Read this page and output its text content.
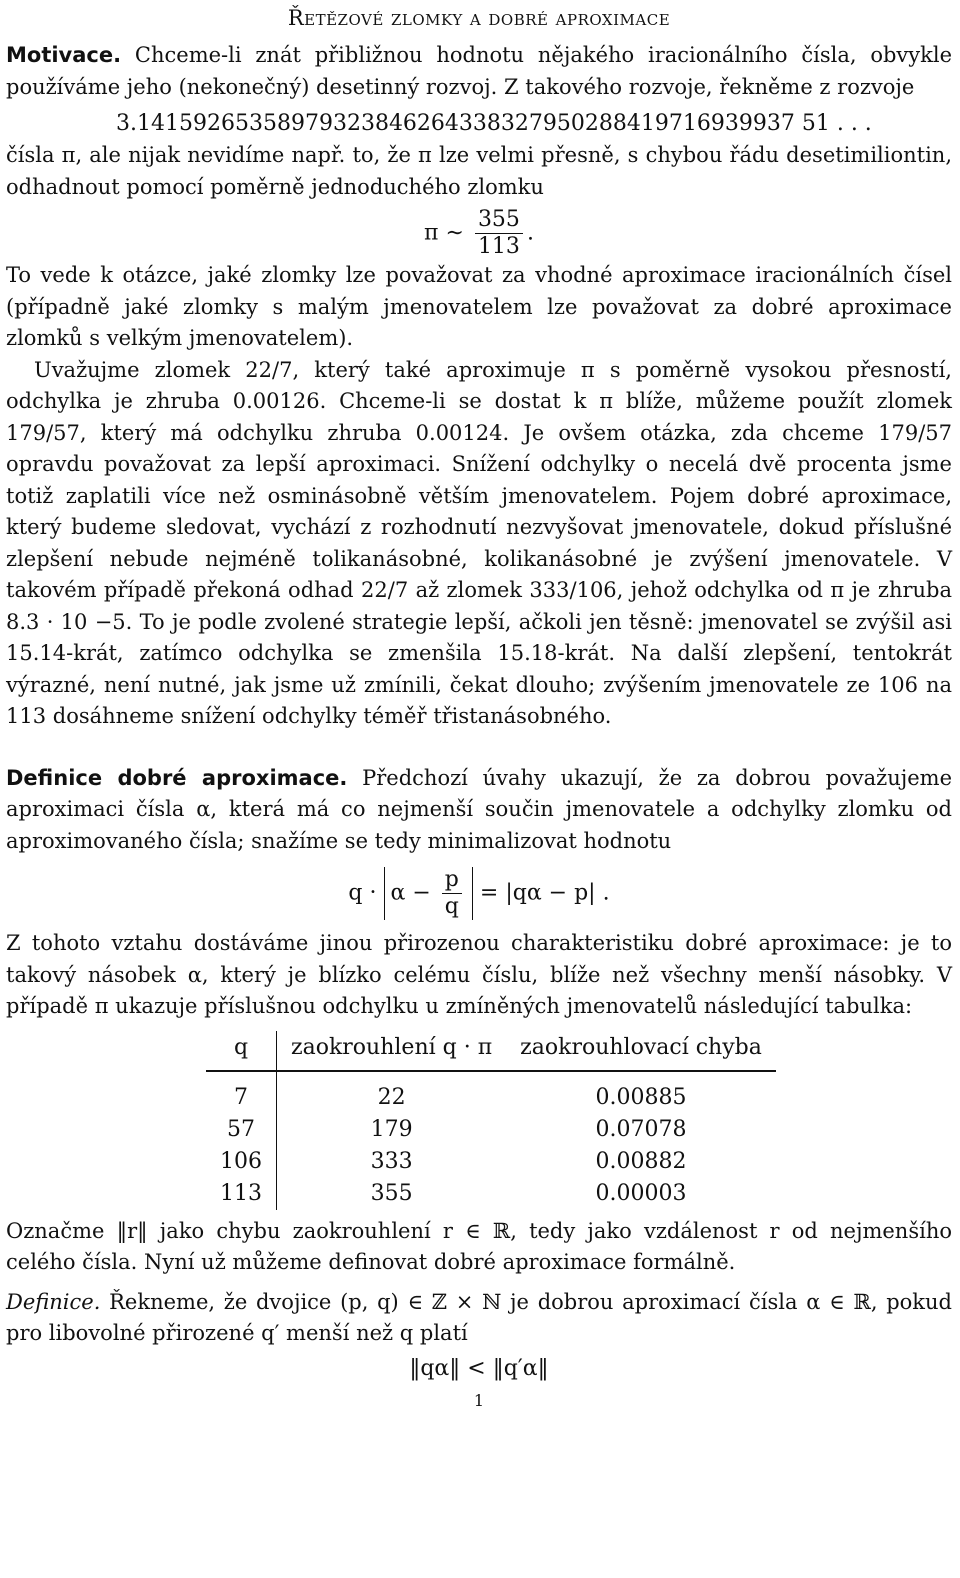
Řetězové zlomky a dobré aproximace

Motivace. Chceme-li znát přibližnou hodnotu nějakého iracionálního čísla, obvykle používáme jeho (nekonečný) desetinný rozvoj. Z takového rozvoje, řekněme z rozvoje

3.14159265358979323846264338327950288419716939937 51 . . .

čísla π, ale nijak nevidíme např. to, že π lze velmi přesně, s chybou řádu desetimiliontin, odhadnout pomocí poměrně jednoduchého zlomku

π ∼ $\frac{355}{113}$ .

To vede k otázce, jaké zlomky lze považovat za vhodné aproximace iracionálních čísel (případně jaké zlomky s malým jmenovatelem lze považovat za dobré aproximace zlomků s velkým jmenovatelem).

Uvažujme zlomek 22/7, který také aproximuje π s poměrně vysokou přesností, odchylka je zhruba 0.00126. Chceme-li se dostat k π blíže, můžeme použít zlomek 179/57, který má odchylku zhruba 0.00124. Je ovšem otázka, zda chceme 179/57 opravdu považovat za lepší aproximaci. Snížení odchylky o necelá dvě procenta jsme totiž zaplatili více než osminásobně větším jmenovatelem. Pojem dobré aproximace, který budeme sledovat, vychází z rozhodnutí nezvyšovat jmenovatele, dokud příslušné zlepšení nebude nejméně tolikanásobné, kolikanásobné je zvýšení jmenovatele. V takovém případě překoná odhad 22/7 až zlomek 333/106, jehož odchylka od π je zhruba 8.3 · 10 −5. To je podle zvolené strategie lepší, ačkoli jen těsně: jmenovatel se zvýšil asi 15.14-krát, zatímco odchylka se zmenšila 15.18-krát. Na další zlepšení, tentokrát výrazné, není nutné, jak jsme už zmínili, čekat dlouho; zvýšením jmenovatele ze 106 na 113 dosáhneme snížení odchylky téměř třistanásobného.

Definice dobré aproximace. Předchozí úvahy ukazují, že za dobrou považujeme aproximaci čísla α, která má co nejmenší součin jmenovatele a odchylky zlomku od aproximovaného čísla; snažíme se tedy minimalizovat hodnotu

$q \cdot \alpha - \frac{p}{q} = |q\alpha - p|$ .

Z tohoto vztahu dostáváme jinou přirozenou charakteristiku dobré aproximace: je to takový násobek α, který je blízko celému číslu, blíže než všechny menší násobky. V případě π ukazuje příslušnou odchylku u zmíněných jmenovatelů následující tabulka:

q	zaokrouhlení q · π	zaokrouhlovací chyba
7	22	0.00885
57	179	0.07078
106	333	0.00882
113	355	0.00003

Označme ‖r‖ jako chybu zaokrouhlení r ∈ ℝ, tedy jako vzdálenost r od nejmenšího celého čísla. Nyní už můžeme definovat dobré aproximace formálně.

Definice. Řekneme, že dvojice (p, q) ∈ ℤ × ℕ je dobrou aproximací čísla α ∈ ℝ, pokud pro libovolné přirozené q′ menší než q platí

‖qα‖ < ‖q′α‖
1
